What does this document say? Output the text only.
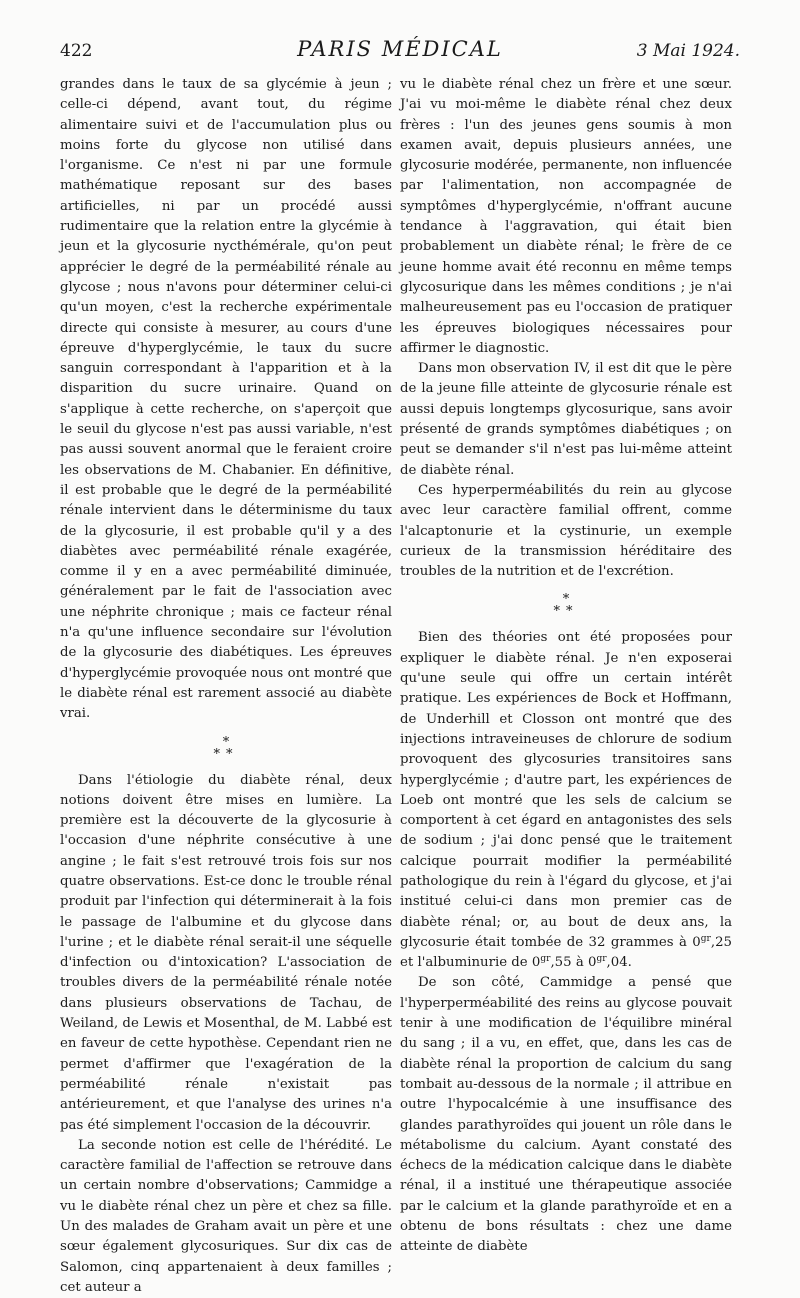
422	PARIS MÉDICAL	3 Mai 1924.

grandes dans le taux de sa glycémie à jeun ; celle-ci dépend, avant tout, du régime alimentaire suivi et de l'accumulation plus ou moins forte du glycose non utilisé dans l'organisme. Ce n'est ni par une formule mathématique reposant sur des bases artificielles, ni par un procédé aussi rudimentaire que la relation entre la glycémie à jeun et la glycosurie nycthémérale, qu'on peut apprécier le degré de la perméabilité rénale au glycose ; nous n'avons pour déterminer celui-ci qu'un moyen, c'est la recherche expérimentale directe qui consiste à mesurer, au cours d'une épreuve d'hyperglycémie, le taux du sucre sanguin correspondant à l'apparition et à la disparition du sucre urinaire. Quand on s'applique à cette recherche, on s'aperçoit que le seuil du glycose n'est pas aussi variable, n'est pas aussi souvent anormal que le feraient croire les observations de M. Chabanier. En définitive, il est probable que le degré de la perméabilité rénale intervient dans le déterminisme du taux de la glycosurie, il est probable qu'il y a des diabètes avec perméabilité rénale exagérée, comme il y en a avec perméabilité diminuée, généralement par le fait de l'association avec une néphrite chronique ; mais ce facteur rénal n'a qu'une influence secondaire sur l'évolution de la glycosurie des diabétiques. Les épreuves d'hyperglycémie provoquée nous ont montré que le diabète rénal est rarement associé au diabète vrai.

*
**

Dans l'étiologie du diabète rénal, deux notions doivent être mises en lumière. La première est la découverte de la glycosurie à l'occasion d'une néphrite consécutive à une angine ; le fait s'est retrouvé trois fois sur nos quatre observations. Est-ce donc le trouble rénal produit par l'infection qui déterminerait à la fois le passage de l'albumine et du glycose dans l'urine ; et le diabète rénal serait-il une séquelle d'infection ou d'intoxication? L'association de troubles divers de la perméabilité rénale notée dans plusieurs observations de Tachau, de Weiland, de Lewis et Mosenthal, de M. Labbé est en faveur de cette hypothèse. Cependant rien ne permet d'affirmer que l'exagération de la perméabilité rénale n'existait pas antérieurement, et que l'analyse des urines n'a pas été simplement l'occasion de la découvrir.

La seconde notion est celle de l'hérédité. Le caractère familial de l'affection se retrouve dans un certain nombre d'observations; Cammidge a vu le diabète rénal chez un père et chez sa fille. Un des malades de Graham avait un père et une sœur également glycosuriques. Sur dix cas de Salomon, cinq appartenaient à deux familles ; cet auteur a

vu le diabète rénal chez un frère et une sœur. J'ai vu moi-même le diabète rénal chez deux frères : l'un des jeunes gens soumis à mon examen avait, depuis plusieurs années, une glycosurie modérée, permanente, non influencée par l'alimentation, non accompagnée de symptômes d'hyperglycémie, n'offrant aucune tendance à l'aggravation, qui était bien probablement un diabète rénal; le frère de ce jeune homme avait été reconnu en même temps glycosurique dans les mêmes conditions ; je n'ai malheureusement pas eu l'occasion de pratiquer les épreuves biologiques nécessaires pour affirmer le diagnostic.

Dans mon observation IV, il est dit que le père de la jeune fille atteinte de glycosurie rénale est aussi depuis longtemps glycosurique, sans avoir présenté de grands symptômes diabétiques ; on peut se demander s'il n'est pas lui-même atteint de diabète rénal.

Ces hyperperméabilités du rein au glycose avec leur caractère familial offrent, comme l'alcaptonurie et la cystinurie, un exemple curieux de la transmission héréditaire des troubles de la nutrition et de l'excrétion.

*
**

Bien des théories ont été proposées pour expliquer le diabète rénal. Je n'en exposerai qu'une seule qui offre un certain intérêt pratique. Les expériences de Bock et Hoffmann, de Underhill et Closson ont montré que des injections intraveineuses de chlorure de sodium provoquent des glycosuries transitoires sans hyperglycémie ; d'autre part, les expériences de Loeb ont montré que les sels de calcium se comportent à cet égard en antagonistes des sels de sodium ; j'ai donc pensé que le traitement calcique pourrait modifier la perméabilité pathologique du rein à l'égard du glycose, et j'ai institué celui-ci dans mon premier cas de diabète rénal; or, au bout de deux ans, la glycosurie était tombée de 32 grammes à $0^{gr},25$ et l'albuminurie de $0^{gr},55$ à $0^{gr},04$.

De son côté, Cammidge a pensé que l'hyperperméabilité des reins au glycose pouvait tenir à une modification de l'équilibre minéral du sang ; il a vu, en effet, que, dans les cas de diabète rénal la proportion de calcium du sang tombait au-dessous de la normale ; il attribue en outre l'hypocalcémie à une insuffisance des glandes parathyroïdes qui jouent un rôle dans le métabolisme du calcium. Ayant constaté des échecs de la médication calcique dans le diabète rénal, il a institué une thérapeutique associée par le calcium et la glande parathyroïde et en a obtenu de bons résultats : chez une dame atteinte de diabète
